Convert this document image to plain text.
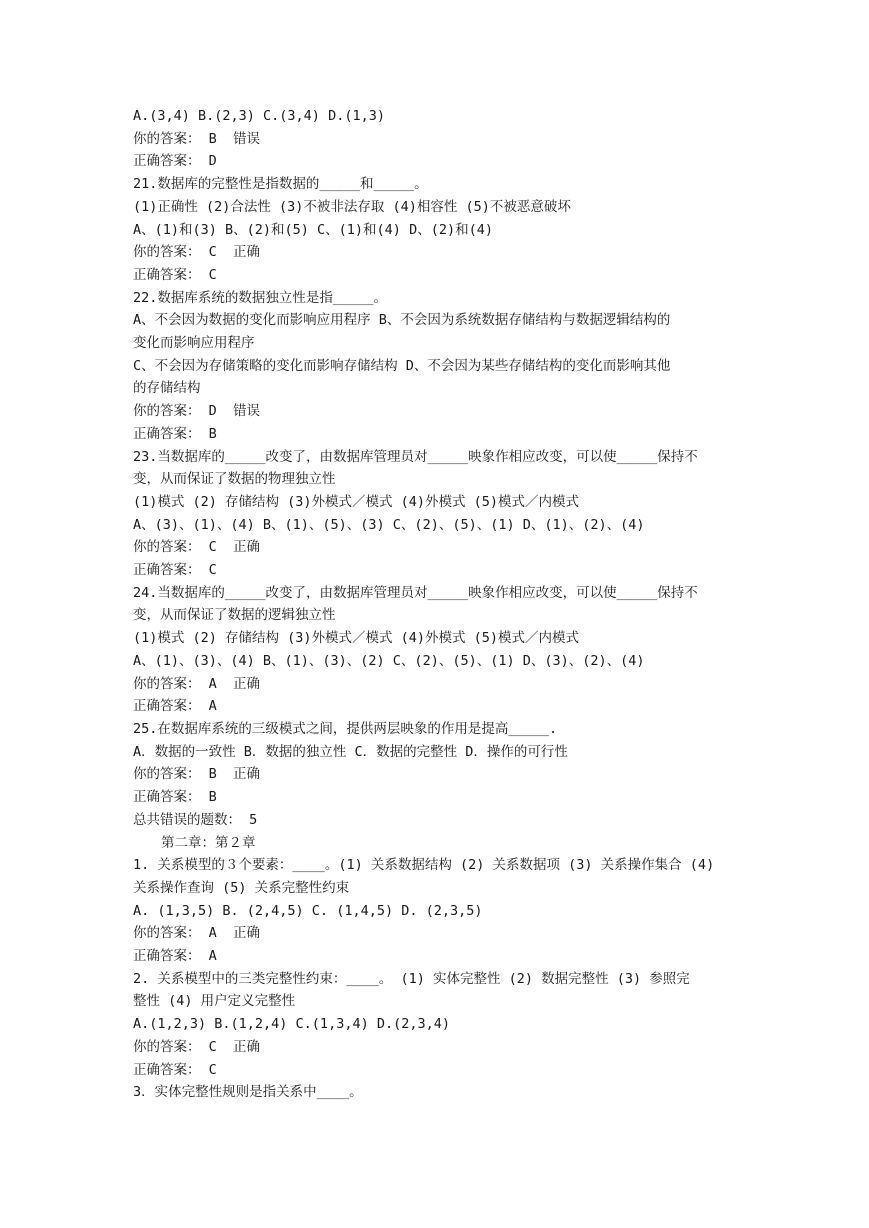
A.(3,4) B.(2,3) C.(3,4) D.(1,3)

你的答案： B  错误

正确答案： D

21.数据库的完整性是指数据的_____和_____。

(1)正确性 (2)合法性 (3)不被非法存取 (4)相容性 (5)不被恶意破坏

A、(1)和(3) B、(2)和(5) C、(1)和(4) D、(2)和(4)

你的答案： C  正确

正确答案： C

22.数据库系统的数据独立性是指_____。

A、不会因为数据的变化而影响应用程序 B、不会因为系统数据存储结构与数据逻辑结构的

变化而影响应用程序

C、不会因为存储策略的变化而影响存储结构 D、不会因为某些存储结构的变化而影响其他

的存储结构

你的答案： D  错误

正确答案： B

23.当数据库的_____改变了，由数据库管理员对_____映象作相应改变，可以使_____保持不

变，从而保证了数据的物理独立性

(1)模式 (2) 存储结构 (3)外模式／模式 (4)外模式 (5)模式／内模式

A、(3)、(1)、(4) B、(1)、(5)、(3) C、(2)、(5)、(1) D、(1)、(2)、(4)

你的答案： C  正确

正确答案： C

24.当数据库的_____改变了，由数据库管理员对_____映象作相应改变，可以使_____保持不

变，从而保证了数据的逻辑独立性

(1)模式 (2) 存储结构 (3)外模式／模式 (4)外模式 (5)模式／内模式

A、(1)、(3)、(4) B、(1)、(3)、(2) C、(2)、(5)、(1) D、(3)、(2)、(4)

你的答案： A  正确

正确答案： A

25.在数据库系统的三级模式之间，提供两层映象的作用是提高_____.

A．数据的一致性 B．数据的独立性 C．数据的完整性 D．操作的可行性

你的答案： B  正确

正确答案： B

总共错误的题数： 5

第二章：第２章

1. 关系模型的３个要素：____。(1) 关系数据结构 (2) 关系数据项 (3) 关系操作集合 (4)

关系操作查询 (5) 关系完整性约束

A. (1,3,5) B. (2,4,5) C. (1,4,5) D. (2,3,5)

你的答案： A  正确

正确答案： A

2. 关系模型中的三类完整性约束：____。 (1) 实体完整性 (2) 数据完整性 (3) 参照完

整性 (4) 用户定义完整性

A.(1,2,3) B.(1,2,4) C.(1,3,4) D.(2,3,4)

你的答案： C  正确

正确答案： C

3．实体完整性规则是指关系中____。
